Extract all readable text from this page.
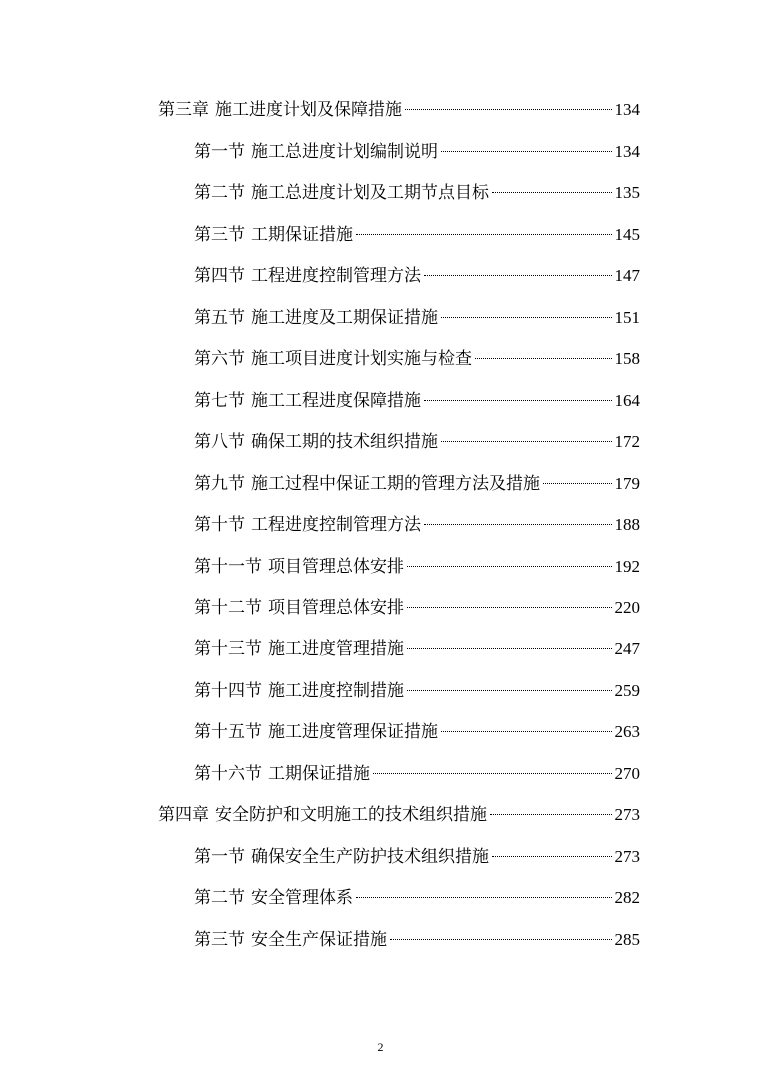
第三章 施工进度计划及保障措施	134
第一节 施工总进度计划编制说明	134
第二节 施工总进度计划及工期节点目标	135
第三节 工期保证措施	145
第四节 工程进度控制管理方法	147
第五节 施工进度及工期保证措施	151
第六节 施工项目进度计划实施与检查	158
第七节 施工工程进度保障措施	164
第八节 确保工期的技术组织措施	172
第九节 施工过程中保证工期的管理方法及措施	179
第十节 工程进度控制管理方法	188
第十一节 项目管理总体安排	192
第十二节 项目管理总体安排	220
第十三节 施工进度管理措施	247
第十四节 施工进度控制措施	259
第十五节 施工进度管理保证措施	263
第十六节 工期保证措施	270
第四章 安全防护和文明施工的技术组织措施	273
第一节 确保安全生产防护技术组织措施	273
第二节 安全管理体系	282
第三节 安全生产保证措施	285
2
